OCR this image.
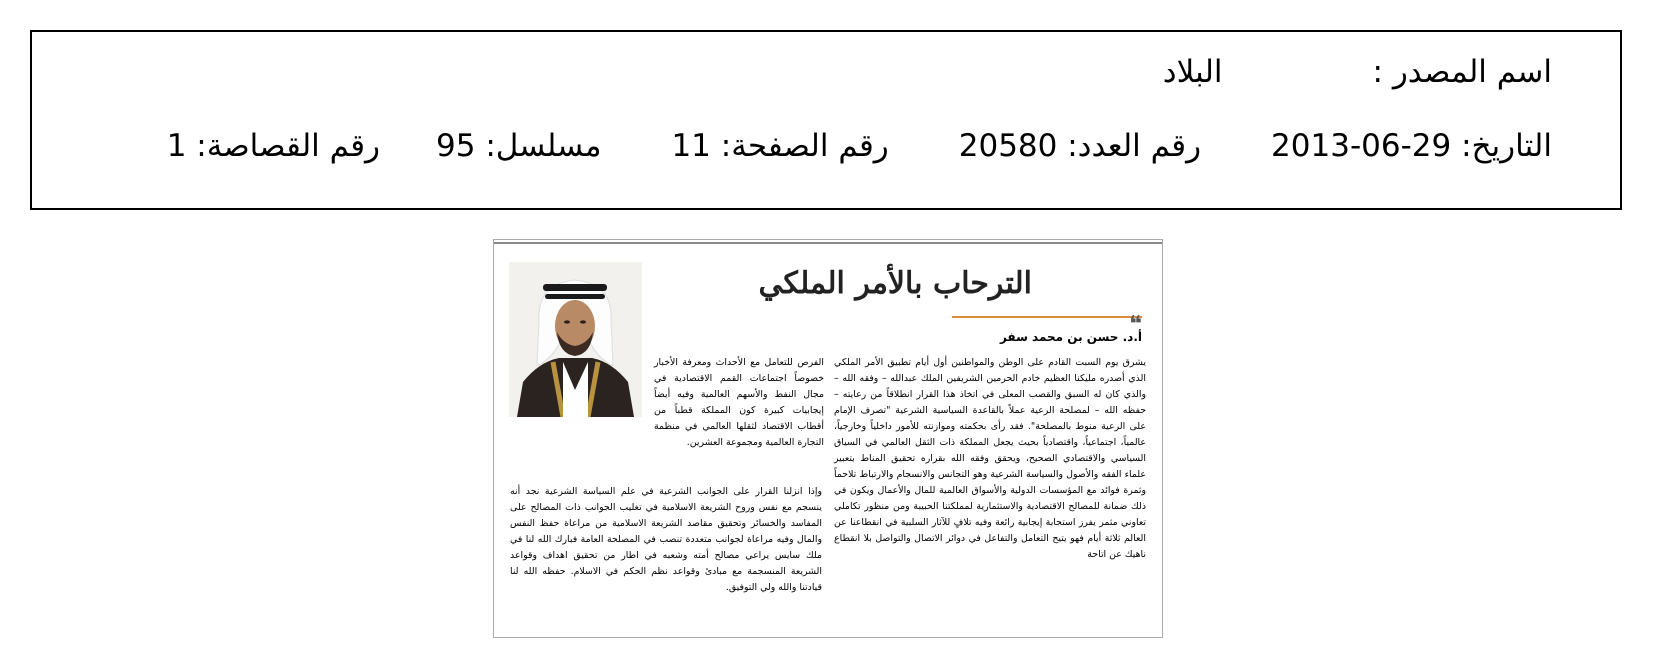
اسم المصدر :
البلاد
التاريخ:

2013-06-29
رقم العدد:

20580
رقم الصفحة:

11
مسلسل:

95
رقم القصاصة:

1
الترحاب بالأمر الملكي
❝
أ.د. حسن بن محمد سفر
يشرق يوم السبت القادم على الوطن والمواطنين أول أيام تطبيق الأمر الملكي الذي أصدره مليكنا العظيم خادم الحرمين الشريفين الملك عبدالله – وفقه الله – والذي كان له السبق والقصب المعلى في اتخاذ هذا القرار انطلاقاً من رعايته – حفظه الله – لمصلحة الرعية عملاً بالقاعدة السياسية الشرعية "تصرف الإمام على الرعية منوط بالمصلحة". فقد رأى بحكمته وموازنته للأمور داخلياً وخارجياً، عالمياً، اجتماعياً، واقتصادياً بحيث يجعل المملكة ذات الثقل العالمي في السياق السياسي والاقتصادي الصحيح، ويحقق وفقه الله بقراره تحقيق المناط بتعبير علماء الفقه والأصول والسياسة الشرعية وهو التجانس والانسجام والارتباط تلاحماً وثمرة فوائد مع المؤسسات الدولية والأسواق العالمية للمال والأعمال ويكون في ذلك ضمانة للمصالح الاقتصادية والاستثمارية لمملكتنا الحبيبة ومن منظور تكاملي تعاوني مثمر يفرز استجابة إيجابية رائعة وفيه تلافٍ للآثار السلبية في انقطاعنا عن العالم ثلاثة أيام فهو يتيح التعامل والتفاعل في دوائر الاتصال والتواصل بلا انقطاع ناهيك عن اتاحة
الفرص للتعامل مع الأحداث ومعرفة الأخبار خصوصاً اجتماعات القمم الاقتصادية في مجال النفط والأسهم العالمية وفيه أيضاً إيجابيات كبيرة كون المملكة قطباً من أقطاب الاقتصاد لثقلها العالمي في منظمة التجارة العالمية ومجموعة العشرين.
وإذا انزلنا القرار على الجوانب الشرعية في علم السياسة الشرعية نجد أنه ينسجم مع نفس وروح الشريعة الاسلامية في تغليب الجوانب ذات المصالح على المفاسد والخسائر وتحقيق مقاصد الشريعة الاسلامية من مراعاة حفظ النفس والمال وفيه مراعاة لجوانب متعددة تنصب في المصلحة العامة فبارك الله لنا في ملك سايس يراعي مصالح أمته وشعبه في اطار من تحقيق اهداف وقواعد الشريعة المنسجمة مع مبادئ وقواعد نظم الحكم في الاسلام. حفظه الله لنا قيادتنا والله ولي التوفيق.
